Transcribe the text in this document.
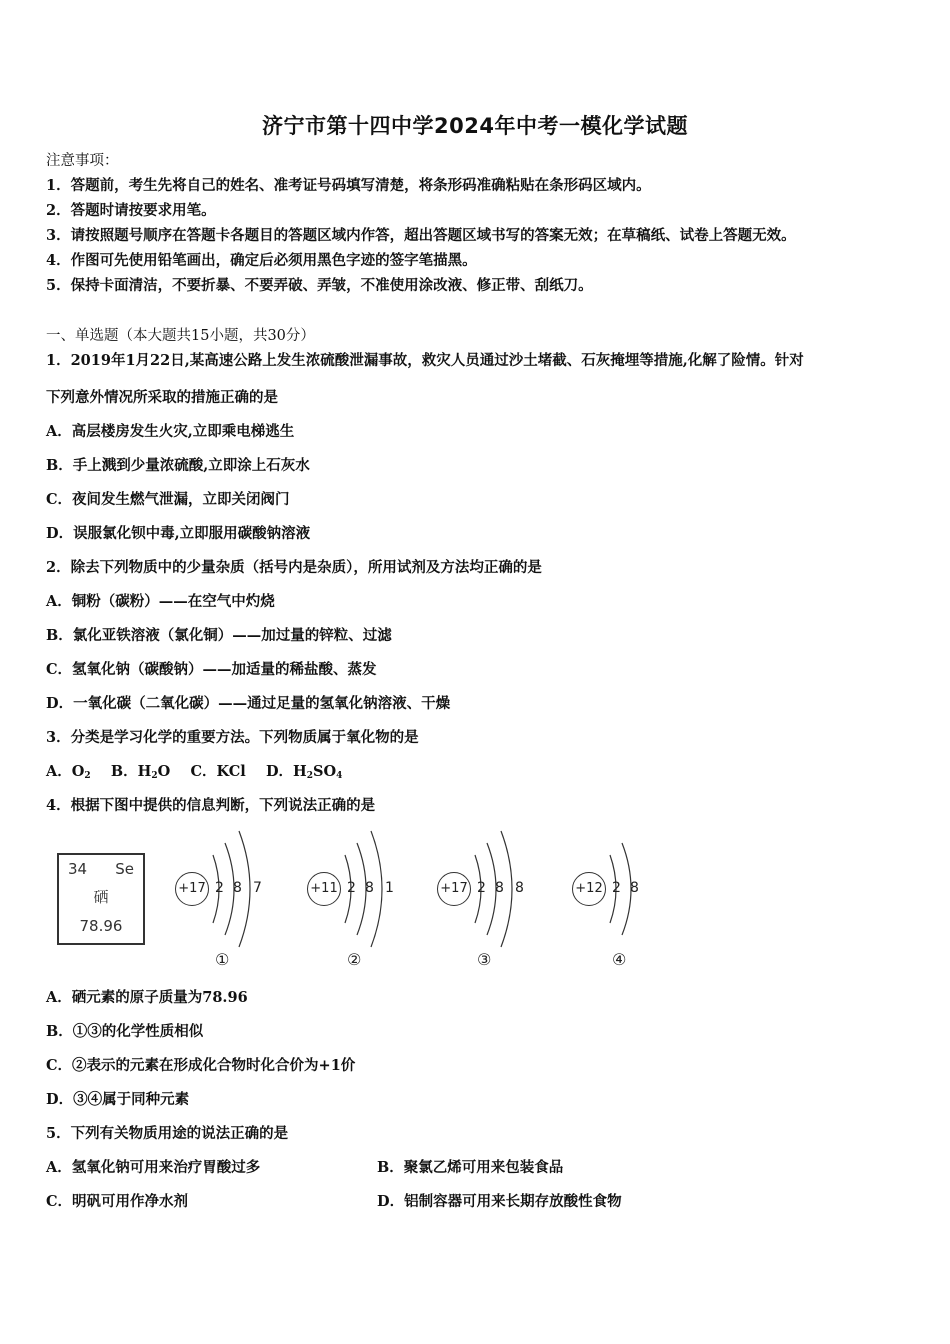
济宁市第十四中学2024年中考一模化学试题
注意事项：
1．答题前，考生先将自己的姓名、准考证号码填写清楚，将条形码准确粘贴在条形码区域内。
2．答题时请按要求用笔。
3．请按照题号顺序在答题卡各题目的答题区域内作答，超出答题区域书写的答案无效；在草稿纸、试卷上答题无效。
4．作图可先使用铅笔画出，确定后必须用黑色字迹的签字笔描黑。
5．保持卡面清洁，不要折暴、不要弄破、弄皱，不准使用涂改液、修正带、刮纸刀。
一、单选题（本大题共15小题，共30分）
1．2019年1月22日,某高速公路上发生浓硫酸泄漏事故，救灾人员通过沙土堵截、石灰掩埋等措施,化解了险情。针对
下列意外情况所采取的措施正确的是
A．高层楼房发生火灾,立即乘电梯逃生
B．手上溅到少量浓硫酸,立即涂上石灰水
C．夜间发生燃气泄漏，立即关闭阀门
D．误服氯化钡中毒,立即服用碳酸钠溶液
2．除去下列物质中的少量杂质（括号内是杂质），所用试剂及方法均正确的是
A．铜粉（碳粉）——在空气中灼烧
B．氯化亚铁溶液（氯化铜）——加过量的锌粒、过滤
C．氢氧化钠（碳酸钠）——加适量的稀盐酸、蒸发
D．一氧化碳（二氧化碳）——通过足量的氢氧化钠溶液、干燥
3．分类是学习化学的重要方法。下列物质属于氧化物的是
A．$O_2$ B．$H_2O$ C．KCl D．$H_2SO_4$
4．根据下图中提供的信息判断，下列说法正确的是
34 Se
硒
78.96
+17 2 8 7
①
+11 2 8 1
②
+17 2 8 8
③
+12 2 8
④
A．硒元素的原子质量为78.96
B．①③的化学性质相似
C．②表示的元素在形成化合物时化合价为+1价
D．③④属于同种元素
5．下列有关物质用途的说法正确的是
A．氢氧化钠可用来治疗胃酸过多	B．聚氯乙烯可用来包装食品
C．明矾可用作净水剂	D．铝制容器可用来长期存放酸性食物
